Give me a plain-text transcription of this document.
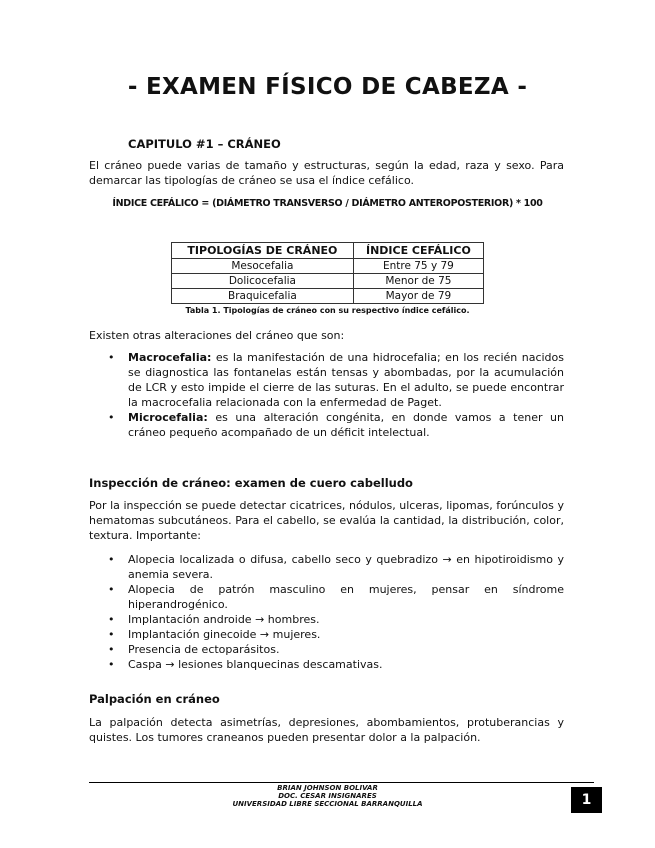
- EXAMEN FÍSICO DE CABEZA -
CAPITULO #1 – CRÁNEO
El cráneo puede varias de tamaño y estructuras, según la edad, raza y sexo. Para demarcar las tipologías de cráneo se usa el índice cefálico.
ÍNDICE CEFÁLICO = (DIÁMETRO TRANSVERSO / DIÁMETRO ANTEROPOSTERIOR) * 100
TIPOLOGÍAS DE CRÁNEO	ÍNDICE CEFÁLICO
Mesocefalia	Entre 75 y 79
Dolicocefalia	Menor de 75
Braquicefalia	Mayor de 79
Tabla 1. Tipologías de cráneo con su respectivo índice cefálico.
Existen otras alteraciones del cráneo que son:
• Macrocefalia: es la manifestación de una hidrocefalia; en los recién nacidos se diagnostica las fontanelas están tensas y abombadas, por la acumulación de LCR y esto impide el cierre de las suturas. En el adulto, se puede encontrar la macrocefalia relacionada con la enfermedad de Paget.
• Microcefalia: es una alteración congénita, en donde vamos a tener un cráneo pequeño acompañado de un déficit intelectual.
Inspección de cráneo: examen de cuero cabelludo
Por la inspección se puede detectar cicatrices, nódulos, ulceras, lipomas, forúnculos y hematomas subcutáneos. Para el cabello, se evalúa la cantidad, la distribución, color, textura. Importante:
• Alopecia localizada o difusa, cabello seco y quebradizo → en hipotiroidismo y anemia severa.
• Alopecia de patrón masculino en mujeres, pensar en síndrome hiperandrogénico.
• Implantación androide → hombres.
• Implantación ginecoide → mujeres.
• Presencia de ectoparásitos.
• Caspa → lesiones blanquecinas descamativas.
Palpación en cráneo
La palpación detecta asimetrías, depresiones, abombamientos, protuberancias y quistes. Los tumores craneanos pueden presentar dolor a la palpación.
BRIAN JOHNSON BOLIVAR
DOC. CESAR INSIGNARES
UNIVERSIDAD LIBRE SECCIONAL BARRANQUILLA	1
